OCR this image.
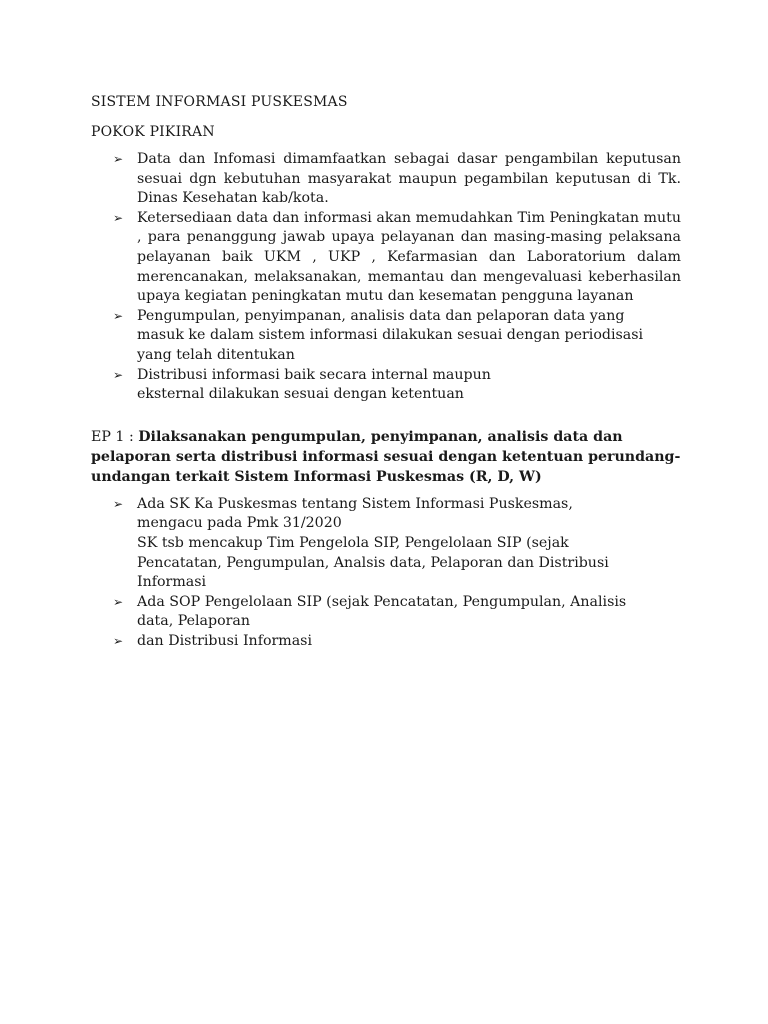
SISTEM INFORMASI PUSKESMAS
POKOK PIKIRAN
➢ Data dan Infomasi dimamfaatkan sebagai dasar pengambilan keputusan sesuai dgn kebutuhan masyarakat maupun pegambilan keputusan di Tk. Dinas Kesehatan kab/kota.
➢ Ketersediaan data dan informasi akan memudahkan Tim Peningkatan mutu , para penanggung jawab upaya pelayanan dan masing-masing pelaksana pelayanan baik UKM , UKP , Kefarmasian dan Laboratorium dalam merencanakan, melaksanakan, memantau dan mengevaluasi keberhasilan upaya kegiatan peningkatan mutu dan kesematan pengguna layanan
➢ Pengumpulan, penyimpanan, analisis data dan pelaporan data yang masuk ke dalam sistem informasi dilakukan sesuai dengan periodisasi yang telah ditentukan
➢ Distribusi informasi baik secara internal maupun eksternal dilakukan sesuai dengan ketentuan
EP 1 : Dilaksanakan pengumpulan, penyimpanan, analisis data dan pelaporan serta distribusi informasi sesuai dengan ketentuan perundang-undangan terkait Sistem Informasi Puskesmas (R, D, W)
➢ Ada SK Ka Puskesmas tentang Sistem Informasi Puskesmas, mengacu pada Pmk 31/2020
SK tsb mencakup Tim Pengelola SIP, Pengelolaan SIP (sejak Pencatatan, Pengumpulan, Analsis data, Pelaporan dan Distribusi Informasi
➢ Ada SOP Pengelolaan SIP (sejak Pencatatan, Pengumpulan, Analisis data, Pelaporan
➢ dan Distribusi Informasi
